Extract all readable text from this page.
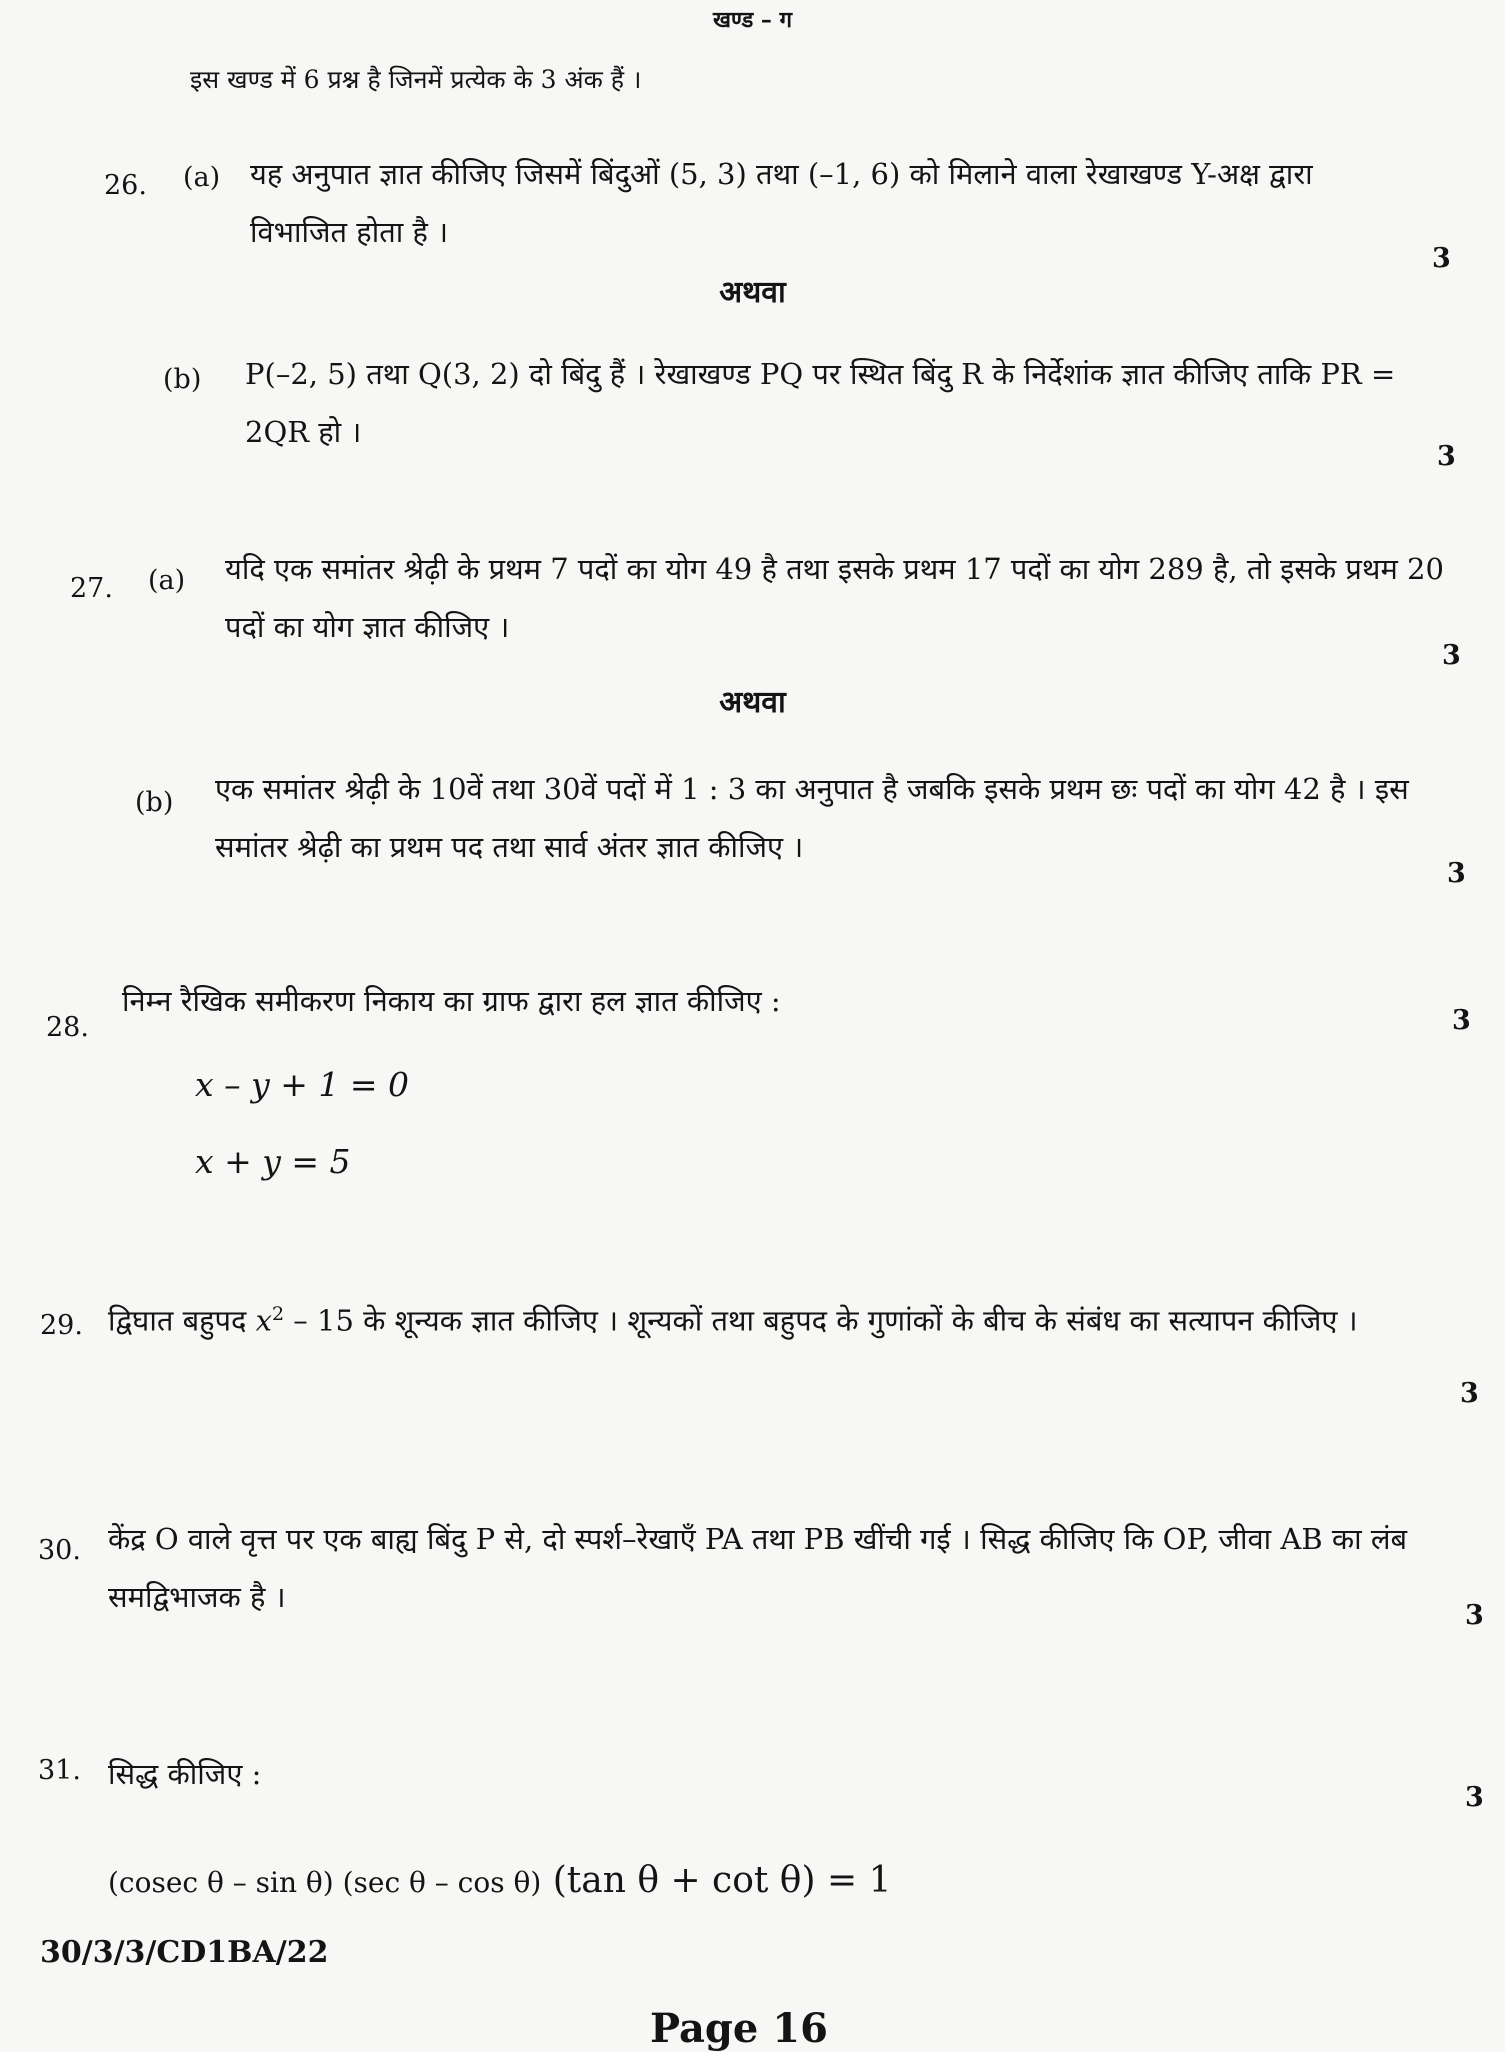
खण्ड – ग
इस खण्ड में 6 प्रश्न है जिनमें प्रत्येक के 3 अंक हैं ।
26. (a) यह अनुपात ज्ञात कीजिए जिसमें बिंदुओं (5, 3) तथा (–1, 6) को मिलाने वाला रेखाखण्ड Y-अक्ष द्वारा विभाजित होता है ।
3
अथवा
(b) P(–2, 5) तथा Q(3, 2) दो बिंदु हैं । रेखाखण्ड PQ पर स्थित बिंदु R के निर्देशांक ज्ञात कीजिए ताकि PR = 2QR हो ।
3
27. (a) यदि एक समांतर श्रेढ़ी के प्रथम 7 पदों का योग 49 है तथा इसके प्रथम 17 पदों का योग 289 है, तो इसके प्रथम 20 पदों का योग ज्ञात कीजिए ।
3
अथवा
(b) एक समांतर श्रेढ़ी के 10वें तथा 30वें पदों में 1 : 3 का अनुपात है जबकि इसके प्रथम छः पदों का योग 42 है । इस समांतर श्रेढ़ी का प्रथम पद तथा सार्व अंतर ज्ञात कीजिए ।
3
28.
निम्न रैखिक समीकरण निकाय का ग्राफ द्वारा हल ज्ञात कीजिए :
3
x – y + 1 = 0
x + y = 5
29. द्विघात बहुपद $x^2 - 15$ के शून्यक ज्ञात कीजिए । शून्यकों तथा बहुपद के गुणांकों के बीच के संबंध का सत्यापन कीजिए ।
3
30. केंद्र O वाले वृत्त पर एक बाह्य बिंदु P से, दो स्पर्श–रेखाएँ PA तथा PB खींची गई । सिद्ध कीजिए कि OP, जीवा AB का लंब समद्विभाजक है ।
3
31. सिद्ध कीजिए :
3
(cosec θ – sin θ) (sec θ – cos θ) (tan θ + cot θ) = 1
30/3/3/CD1BA/22
Page 16
